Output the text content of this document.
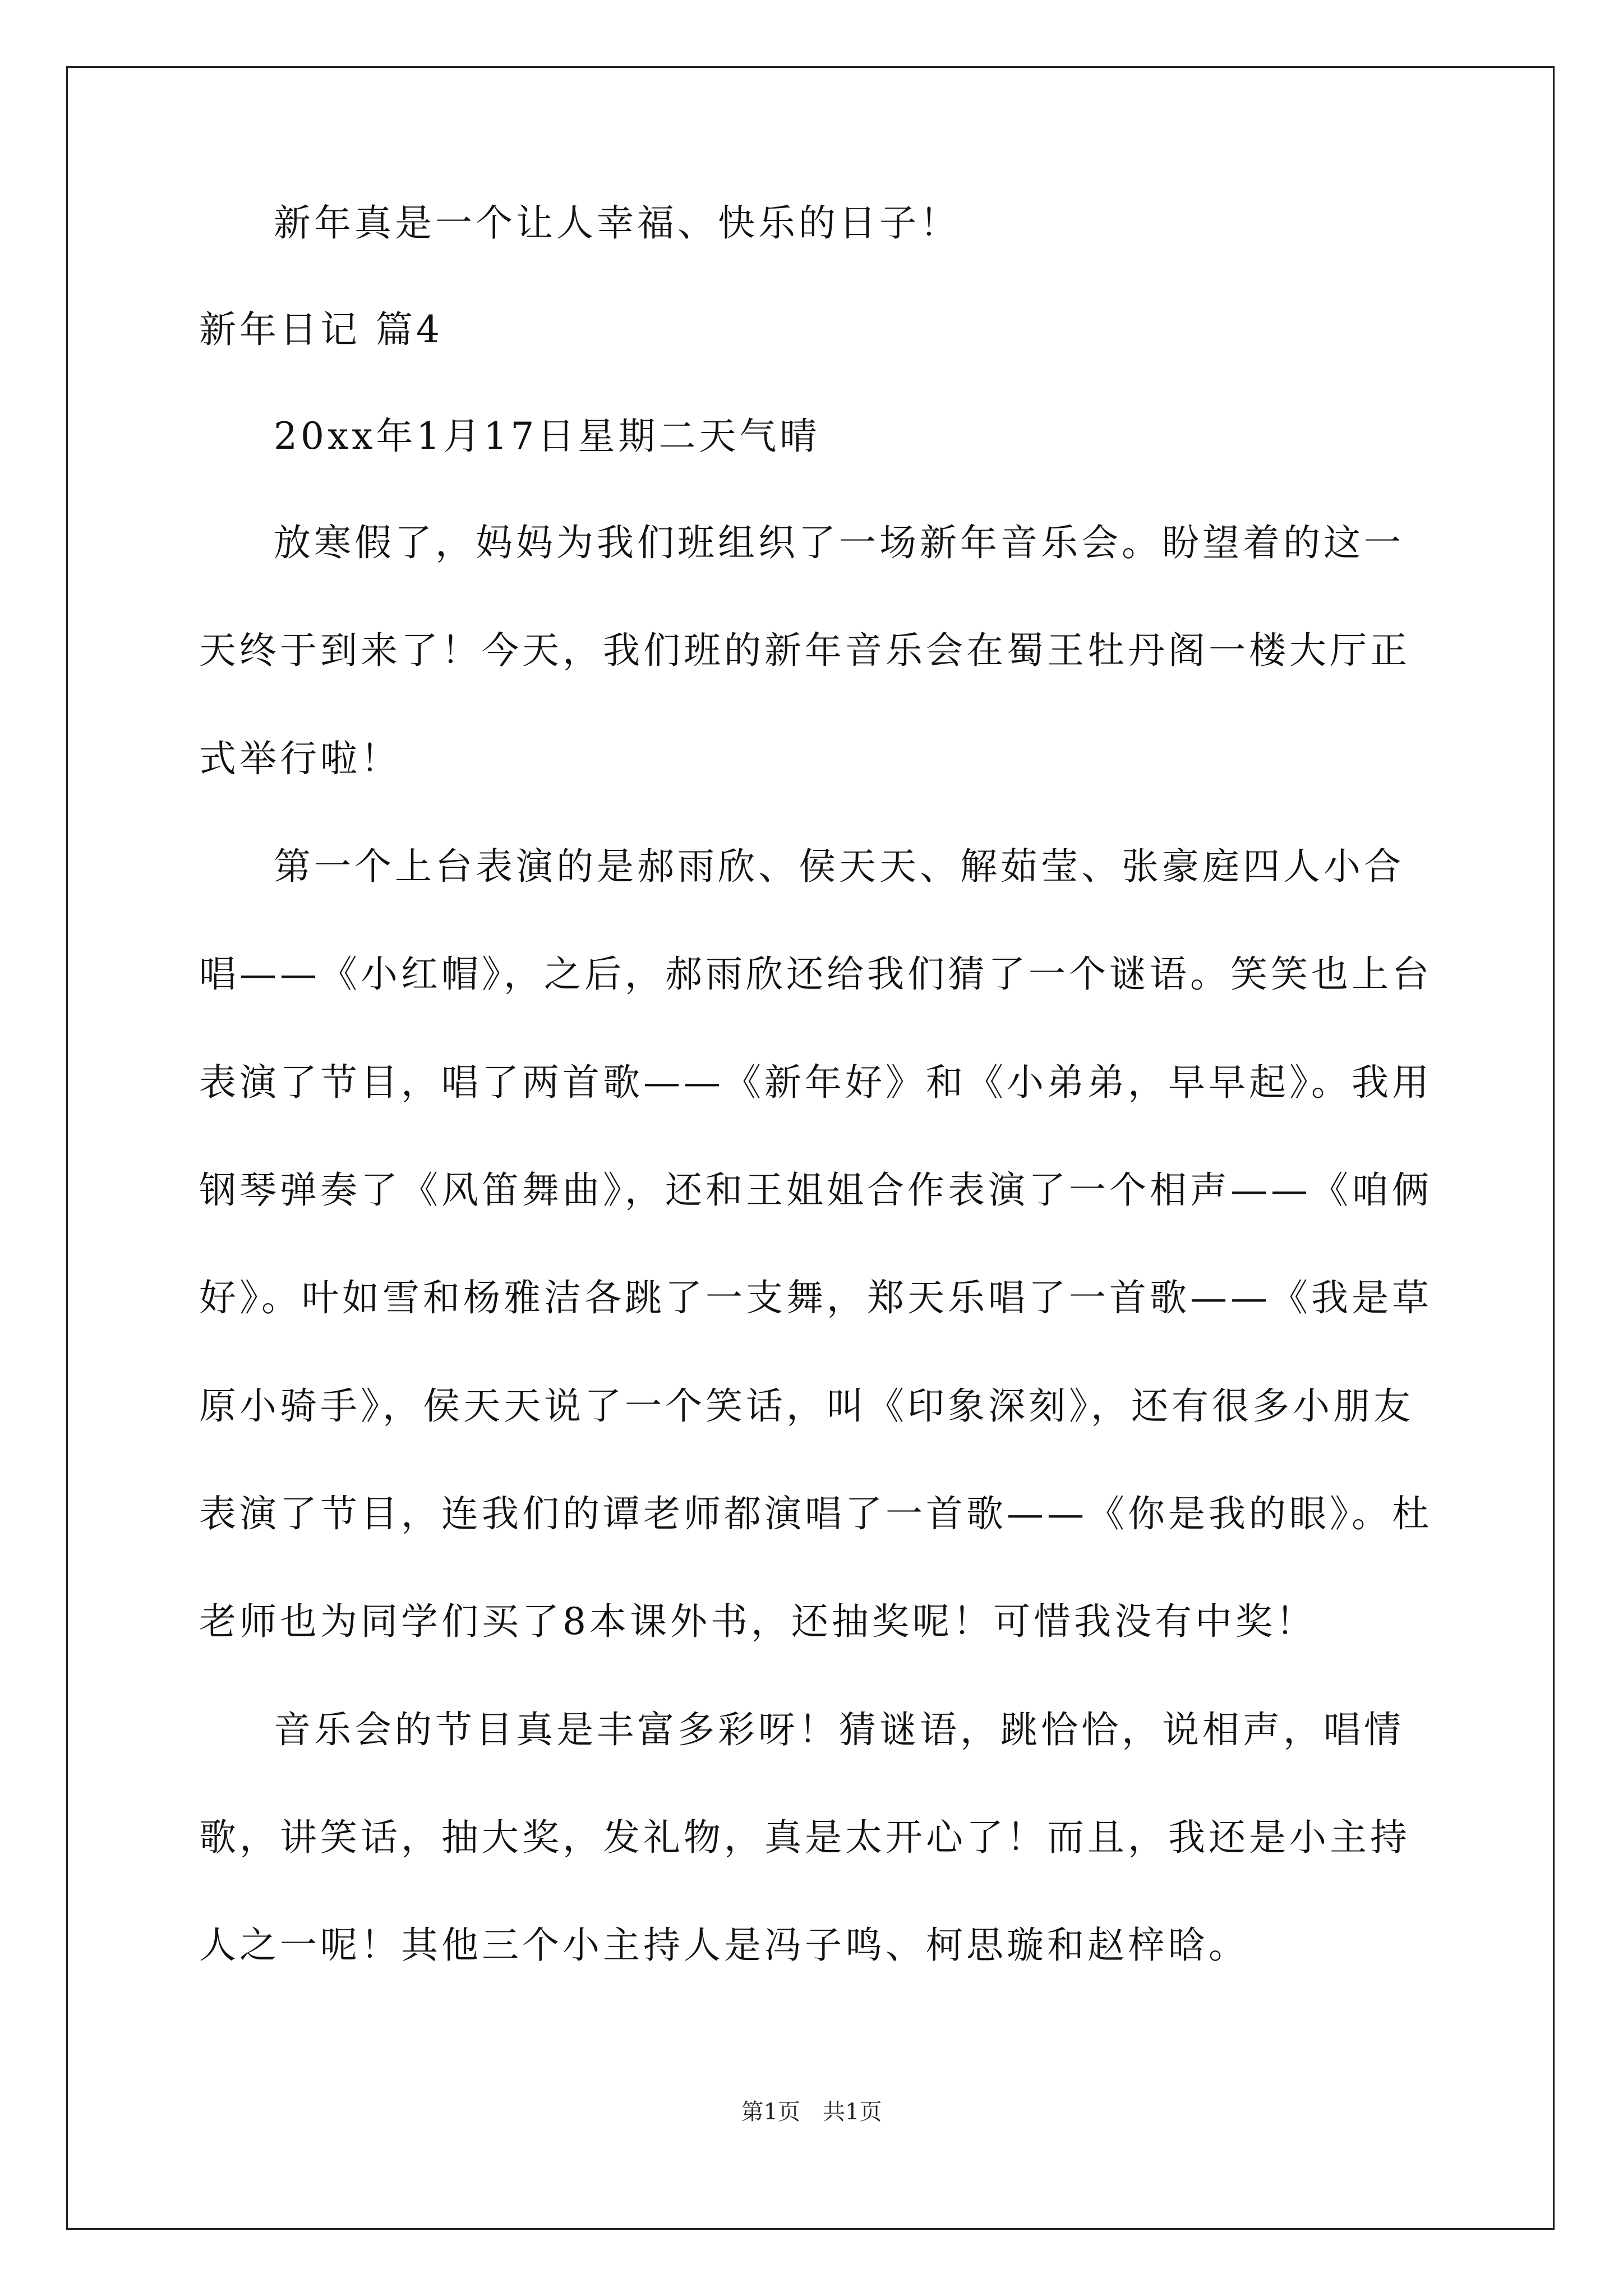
新年真是一个让人幸福、快乐的日子！

新年日记 篇4

20xx年1月17日星期二天气晴

放寒假了，妈妈为我们班组织了一场新年音乐会。盼望着的这一

天终于到来了！今天，我们班的新年音乐会在蜀王牡丹阁一楼大厅正

式举行啦！

第一个上台表演的是郝雨欣、侯天天、解茹莹、张豪庭四人小合

唱——《小红帽》，之后，郝雨欣还给我们猜了一个谜语。笑笑也上台

表演了节目，唱了两首歌——《新年好》和《小弟弟，早早起》。我用

钢琴弹奏了《风笛舞曲》，还和王姐姐合作表演了一个相声——《咱俩

好》。叶如雪和杨雅洁各跳了一支舞，郑天乐唱了一首歌——《我是草

原小骑手》，侯天天说了一个笑话，叫《印象深刻》，还有很多小朋友

表演了节目，连我们的谭老师都演唱了一首歌——《你是我的眼》。杜

老师也为同学们买了8本课外书，还抽奖呢！可惜我没有中奖！

音乐会的节目真是丰富多彩呀！猜谜语，跳恰恰，说相声，唱情

歌，讲笑话，抽大奖，发礼物，真是太开心了！而且，我还是小主持

人之一呢！其他三个小主持人是冯子鸣、柯思璇和赵梓晗。

第1页　共1页
